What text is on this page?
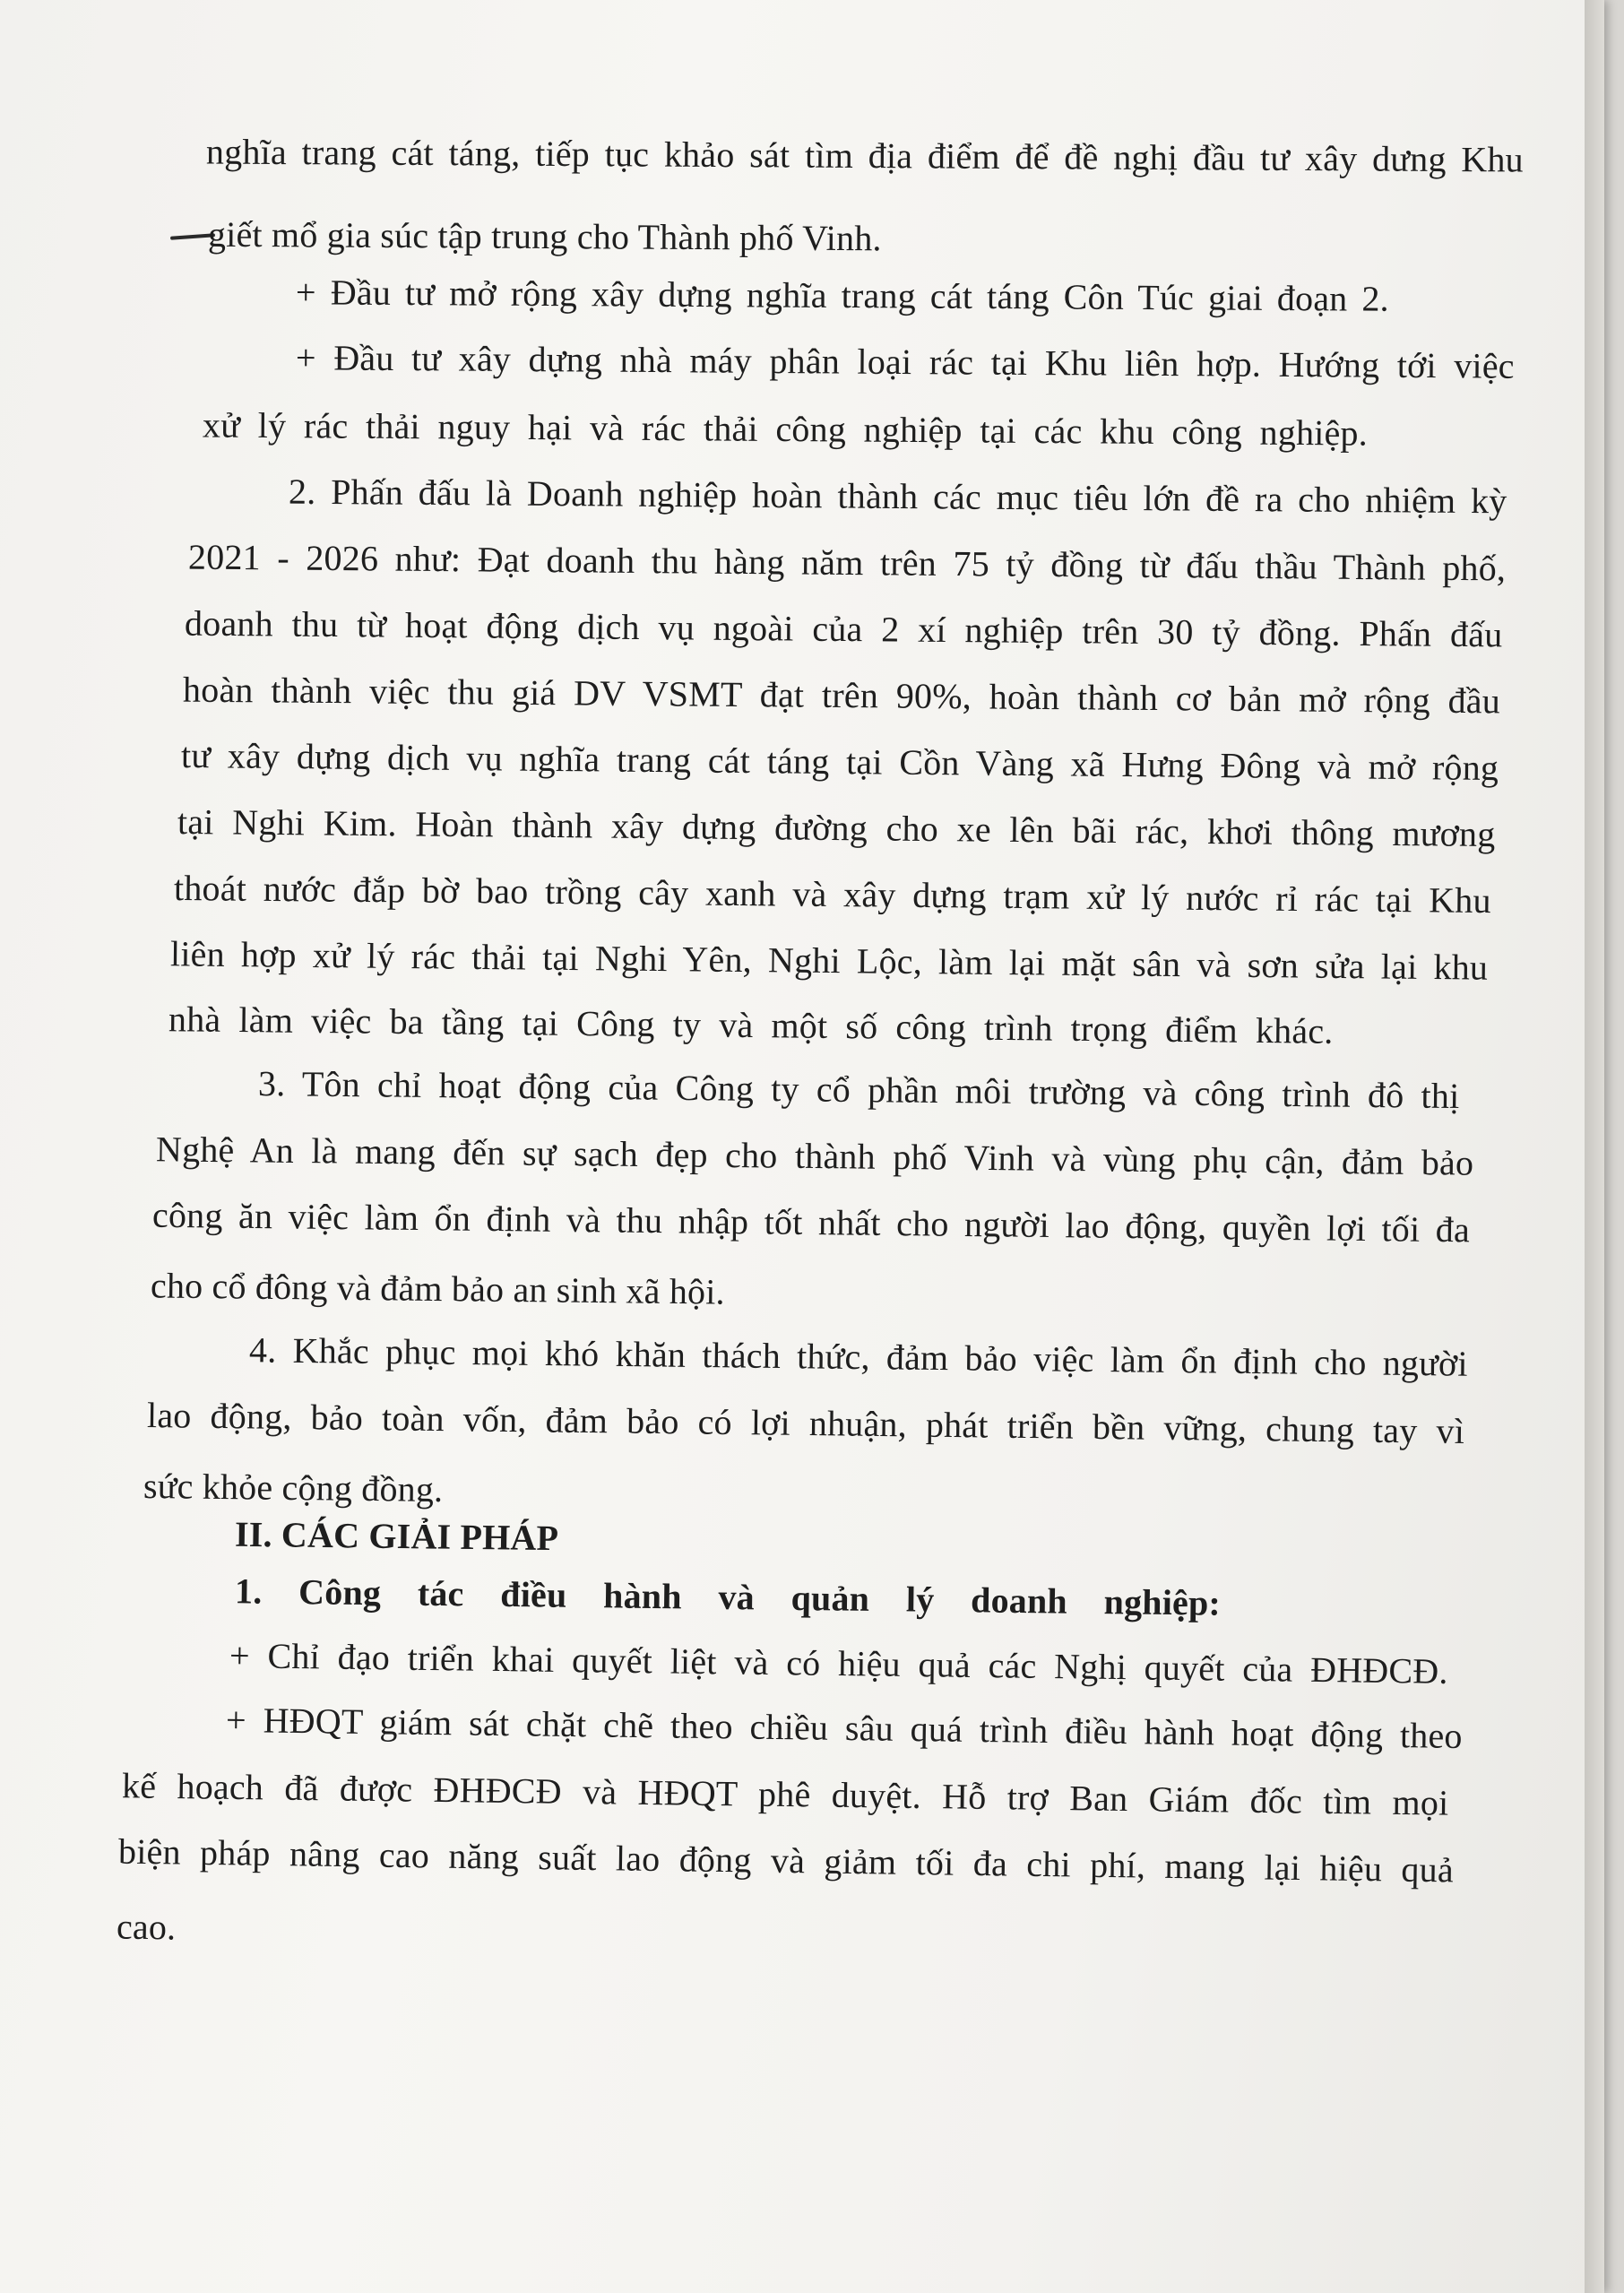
nghĩa trang cát táng, tiếp tục khảo sát tìm địa điểm để đề nghị đầu tư xây dưng Khu
giết mổ gia súc tập trung cho Thành phố Vinh.
+ Đầu tư mở rộng xây dựng nghĩa trang cát táng Côn Túc giai đoạn 2.
+ Đầu tư xây dựng nhà máy phân loại rác tại Khu liên hợp. Hướng tới việc
xử lý rác thải nguy hại và rác thải công nghiệp tại các khu công nghiệp.
2. Phấn đấu là Doanh nghiệp hoàn thành các mục tiêu lớn đề ra cho nhiệm kỳ
2021 - 2026 như: Đạt doanh thu hàng năm trên 75 tỷ đồng từ đấu thầu Thành phố,
doanh thu từ hoạt động dịch vụ ngoài của 2 xí nghiệp trên 30 tỷ đồng. Phấn đấu
hoàn thành việc thu giá DV VSMT đạt trên 90%, hoàn thành cơ bản mở rộng đầu
tư xây dựng dịch vụ nghĩa trang cát táng tại Cồn Vàng xã Hưng Đông và mở rộng
tại Nghi Kim. Hoàn thành xây dựng đường cho xe lên bãi rác, khơi thông mương
thoát nước đắp bờ bao trồng cây xanh và xây dựng trạm xử lý nước rỉ rác tại Khu
liên hợp xử lý rác thải tại Nghi Yên, Nghi Lộc, làm lại mặt sân và sơn sửa lại khu
nhà làm việc ba tầng tại Công ty và một số công trình trọng điểm khác.
3. Tôn chỉ hoạt động của Công ty cổ phần môi trường và công trình đô thị
Nghệ An là mang đến sự sạch đẹp cho thành phố Vinh và vùng phụ cận, đảm bảo
công ăn việc làm ổn định và thu nhập tốt nhất cho người lao động, quyền lợi tối đa
cho cổ đông và đảm bảo an sinh xã hội.
4. Khắc phục mọi khó khăn thách thức, đảm bảo việc làm ổn định cho người
lao động, bảo toàn vốn, đảm bảo có lợi nhuận, phát triển bền vững, chung tay vì
sức khỏe cộng đồng.
II. CÁC GIẢI PHÁP
1. Công tác điều hành và quản lý doanh nghiệp:
+ Chỉ đạo triển khai quyết liệt và có hiệu quả các Nghị quyết của ĐHĐCĐ.
+ HĐQT giám sát chặt chẽ theo chiều sâu quá trình điều hành hoạt động theo
kế hoạch đã được ĐHĐCĐ và HĐQT phê duyệt. Hỗ trợ Ban Giám đốc tìm mọi
biện pháp nâng cao năng suất lao động và giảm tối đa chi phí, mang lại hiệu quả
cao.
